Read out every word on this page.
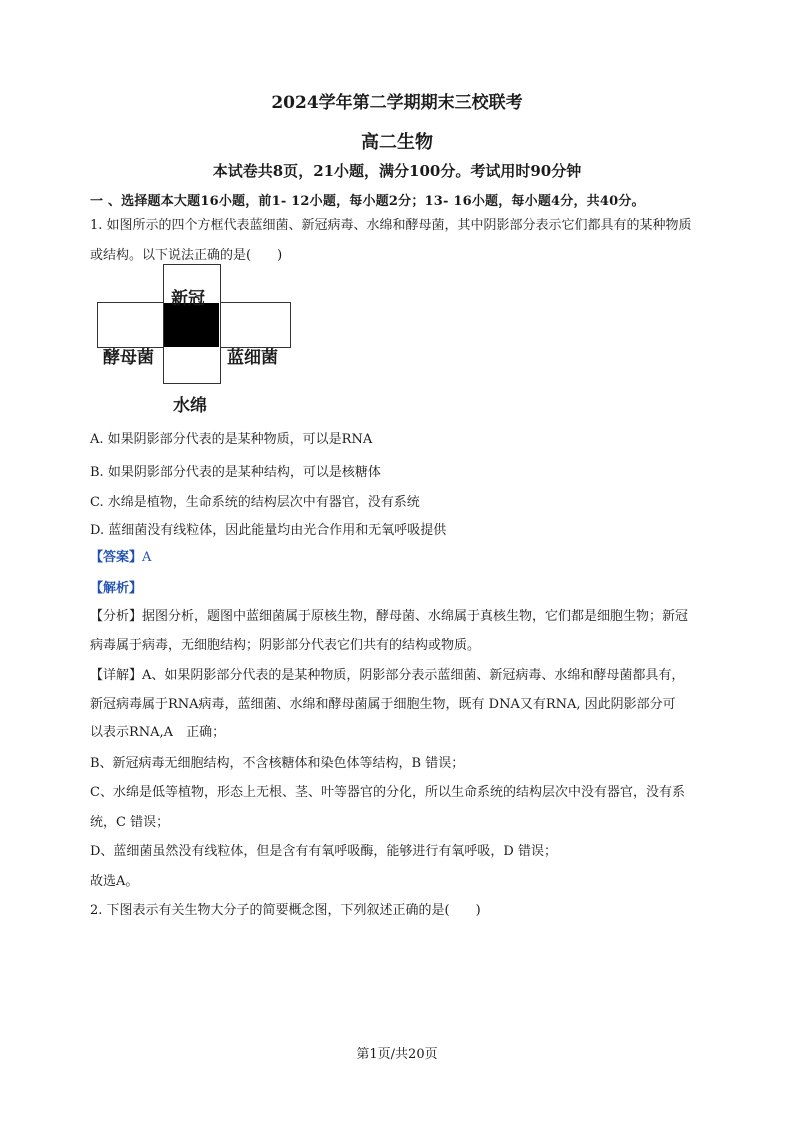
2024学年第二学期期末三校联考
高二生物
本试卷共8页，21小题，满分100分。考试用时90分钟
一 、选择题本大题16小题，前1- 12小题，每小题2分；13- 16小题，每小题4分，共40分。
1. 如图所示的四个方框代表蓝细菌、新冠病毒、水绵和酵母菌，其中阴影部分表示它们都具有的某种物质
或结构。以下说法正确的是(　　)
新冠
酵母菌	蓝细菌
水绵
A. 如果阴影部分代表的是某种物质，可以是RNA
B. 如果阴影部分代表的是某种结构，可以是核糖体
C. 水绵是植物，生命系统的结构层次中有器官，没有系统
D. 蓝细菌没有线粒体，因此能量均由光合作用和无氧呼吸提供
【答案】A
【解析】
【分析】据图分析，题图中蓝细菌属于原核生物，酵母菌、水绵属于真核生物，它们都是细胞生物；新冠
病毒属于病毒，无细胞结构；阴影部分代表它们共有的结构或物质。
【详解】A、如果阴影部分代表的是某种物质，阴影部分表示蓝细菌、新冠病毒、水绵和酵母菌都具有，
新冠病毒属于RNA病毒，蓝细菌、水绵和酵母菌属于细胞生物，既有 DNA又有RNA, 因此阴影部分可
以表示RNA,A　正确；
B、新冠病毒无细胞结构，不含核糖体和染色体等结构，B 错误；
C、水绵是低等植物，形态上无根、茎、叶等器官的分化，所以生命系统的结构层次中没有器官，没有系
统，C 错误；
D、蓝细菌虽然没有线粒体，但是含有有氧呼吸酶，能够进行有氧呼吸，D 错误；
故选A。
2. 下图表示有关生物大分子的简要概念图，下列叙述正确的是(　　)
第1页/共20页
